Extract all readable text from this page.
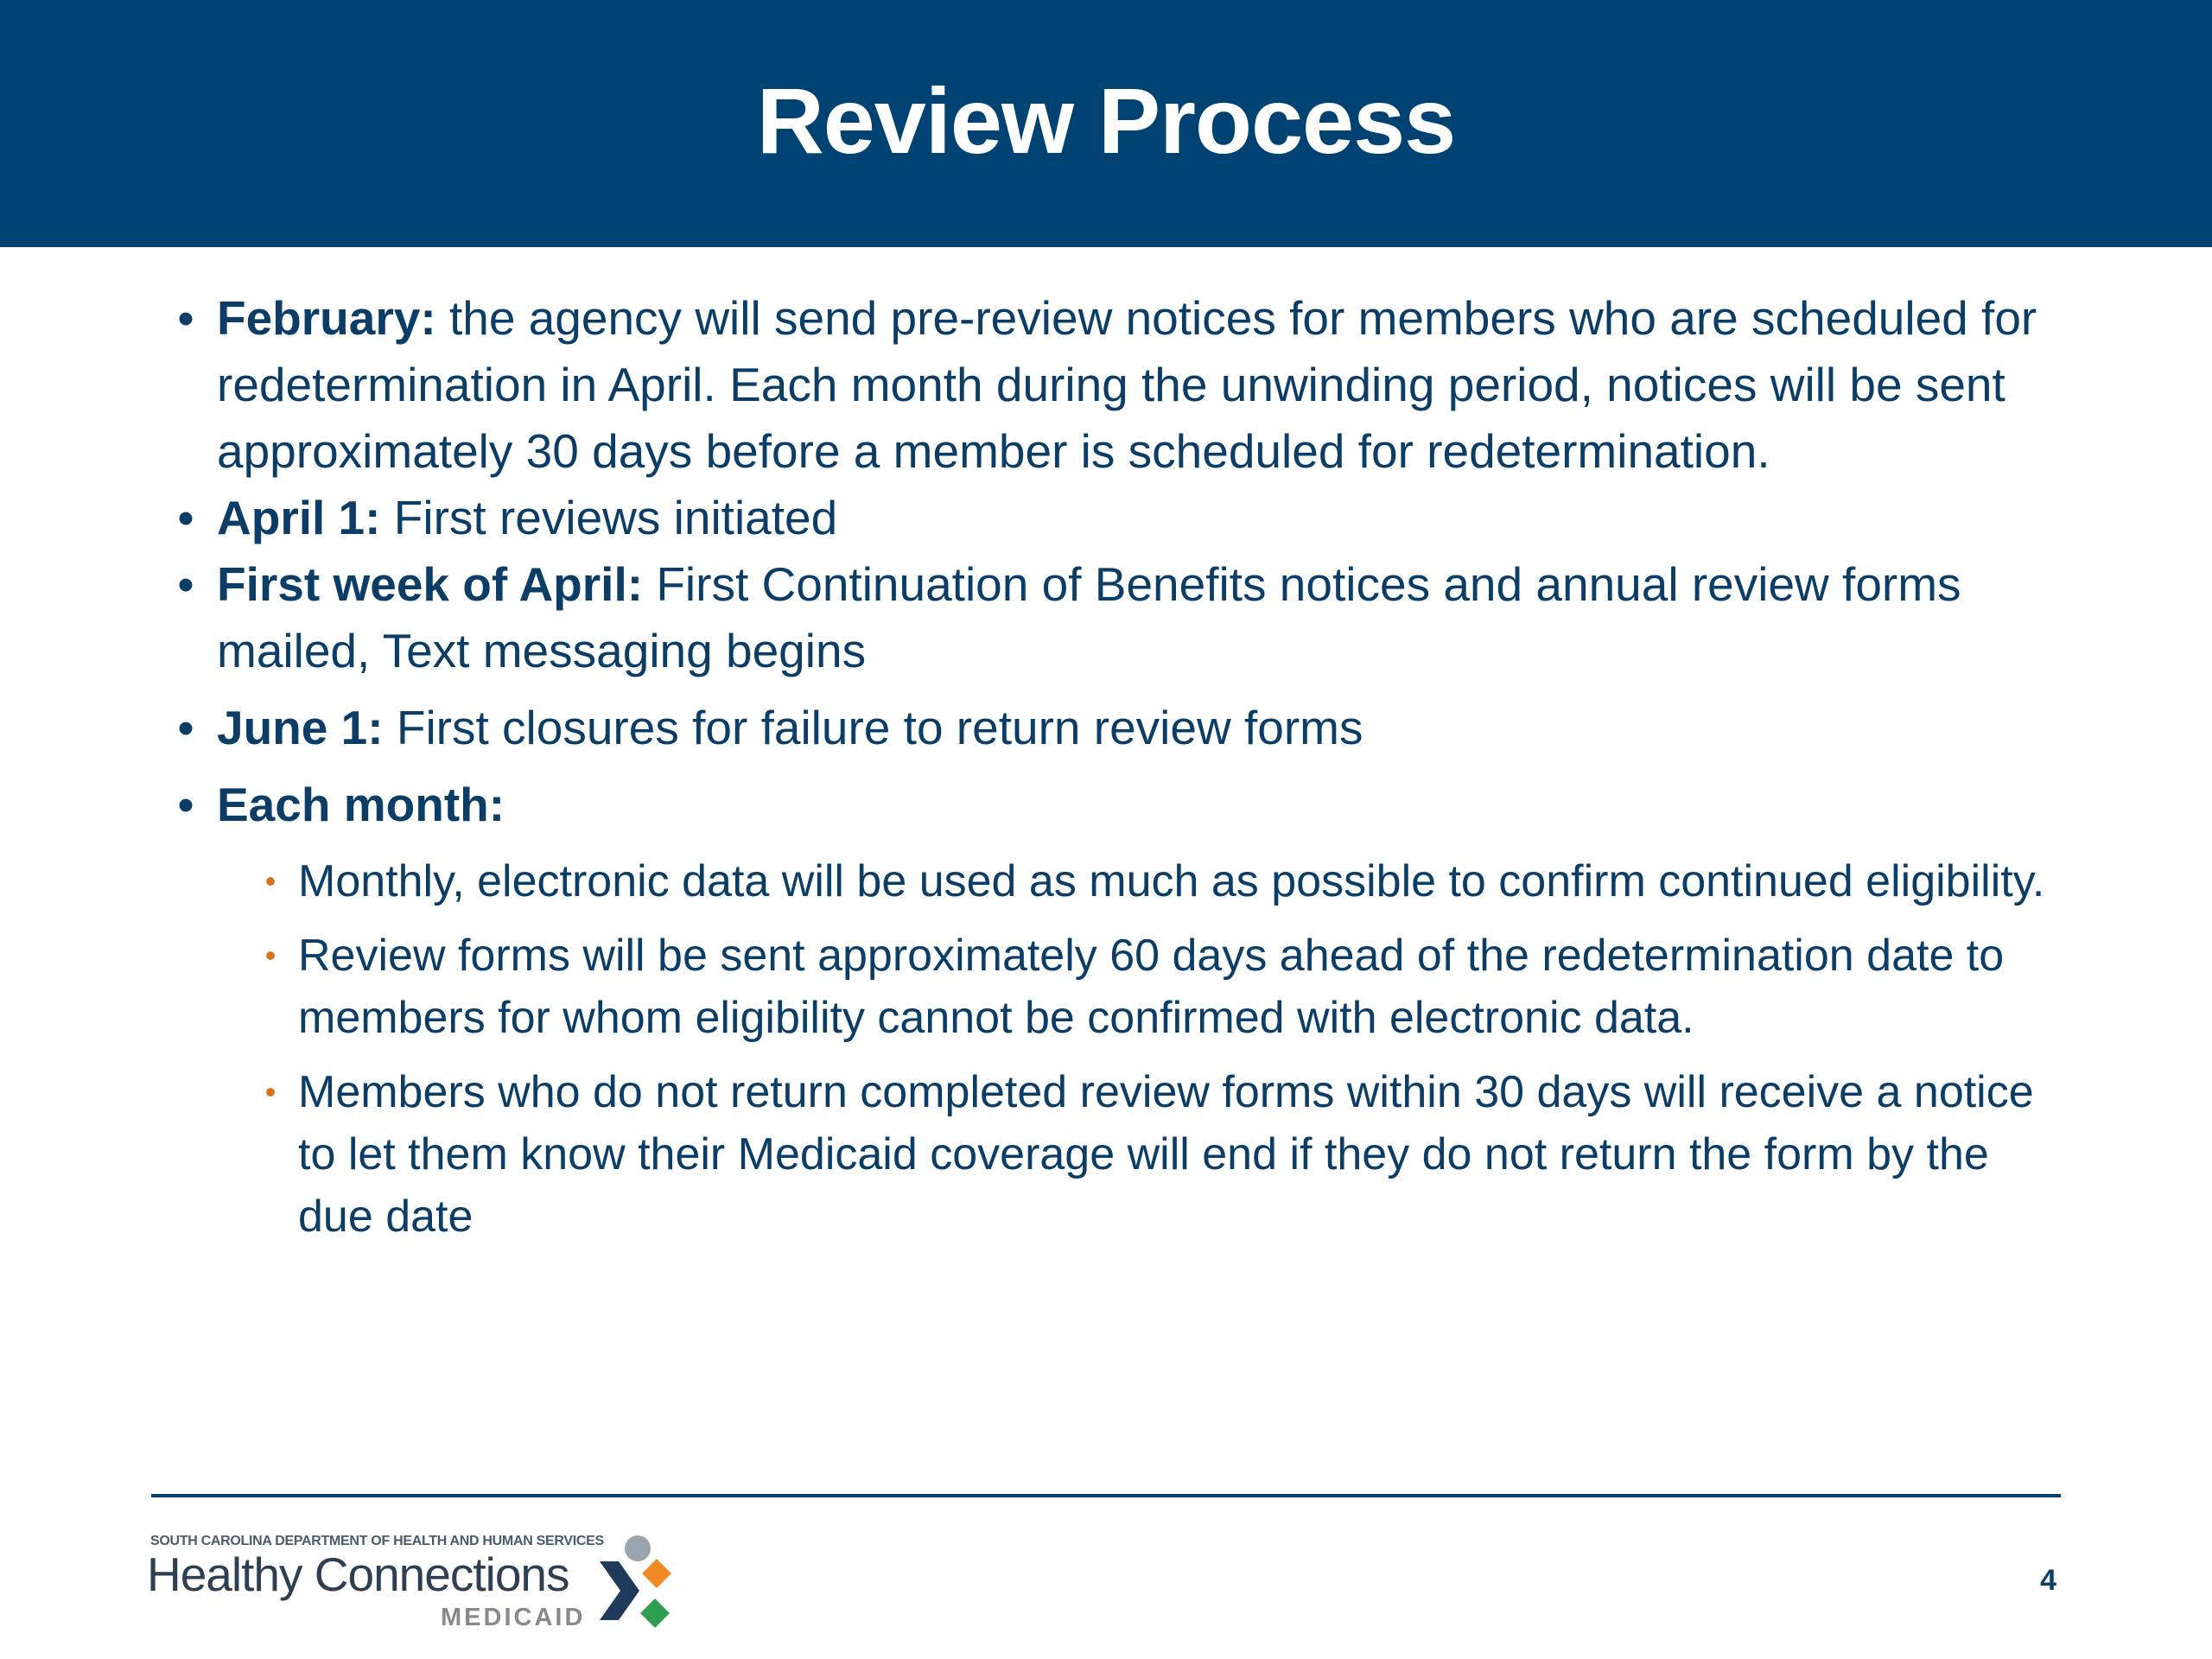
Review Process
• February: the agency will send pre-review notices for members who are scheduled for redetermination in April. Each month during the unwinding period, notices will be sent approximately 30 days before a member is scheduled for redetermination.
• April 1: First reviews initiated
• First week of April: First Continuation of Benefits notices and annual review forms mailed, Text messaging begins
• June 1: First closures for failure to return review forms
• Each month:
• Monthly, electronic data will be used as much as possible to confirm continued eligibility.
• Review forms will be sent approximately 60 days ahead of the redetermination date to members for whom eligibility cannot be confirmed with electronic data.
• Members who do not return completed review forms within 30 days will receive a notice to let them know their Medicaid coverage will end if they do not return the form by the due date
SOUTH CAROLINA DEPARTMENT OF HEALTH AND HUMAN SERVICES
Healthy Connections
MEDICAID
4
